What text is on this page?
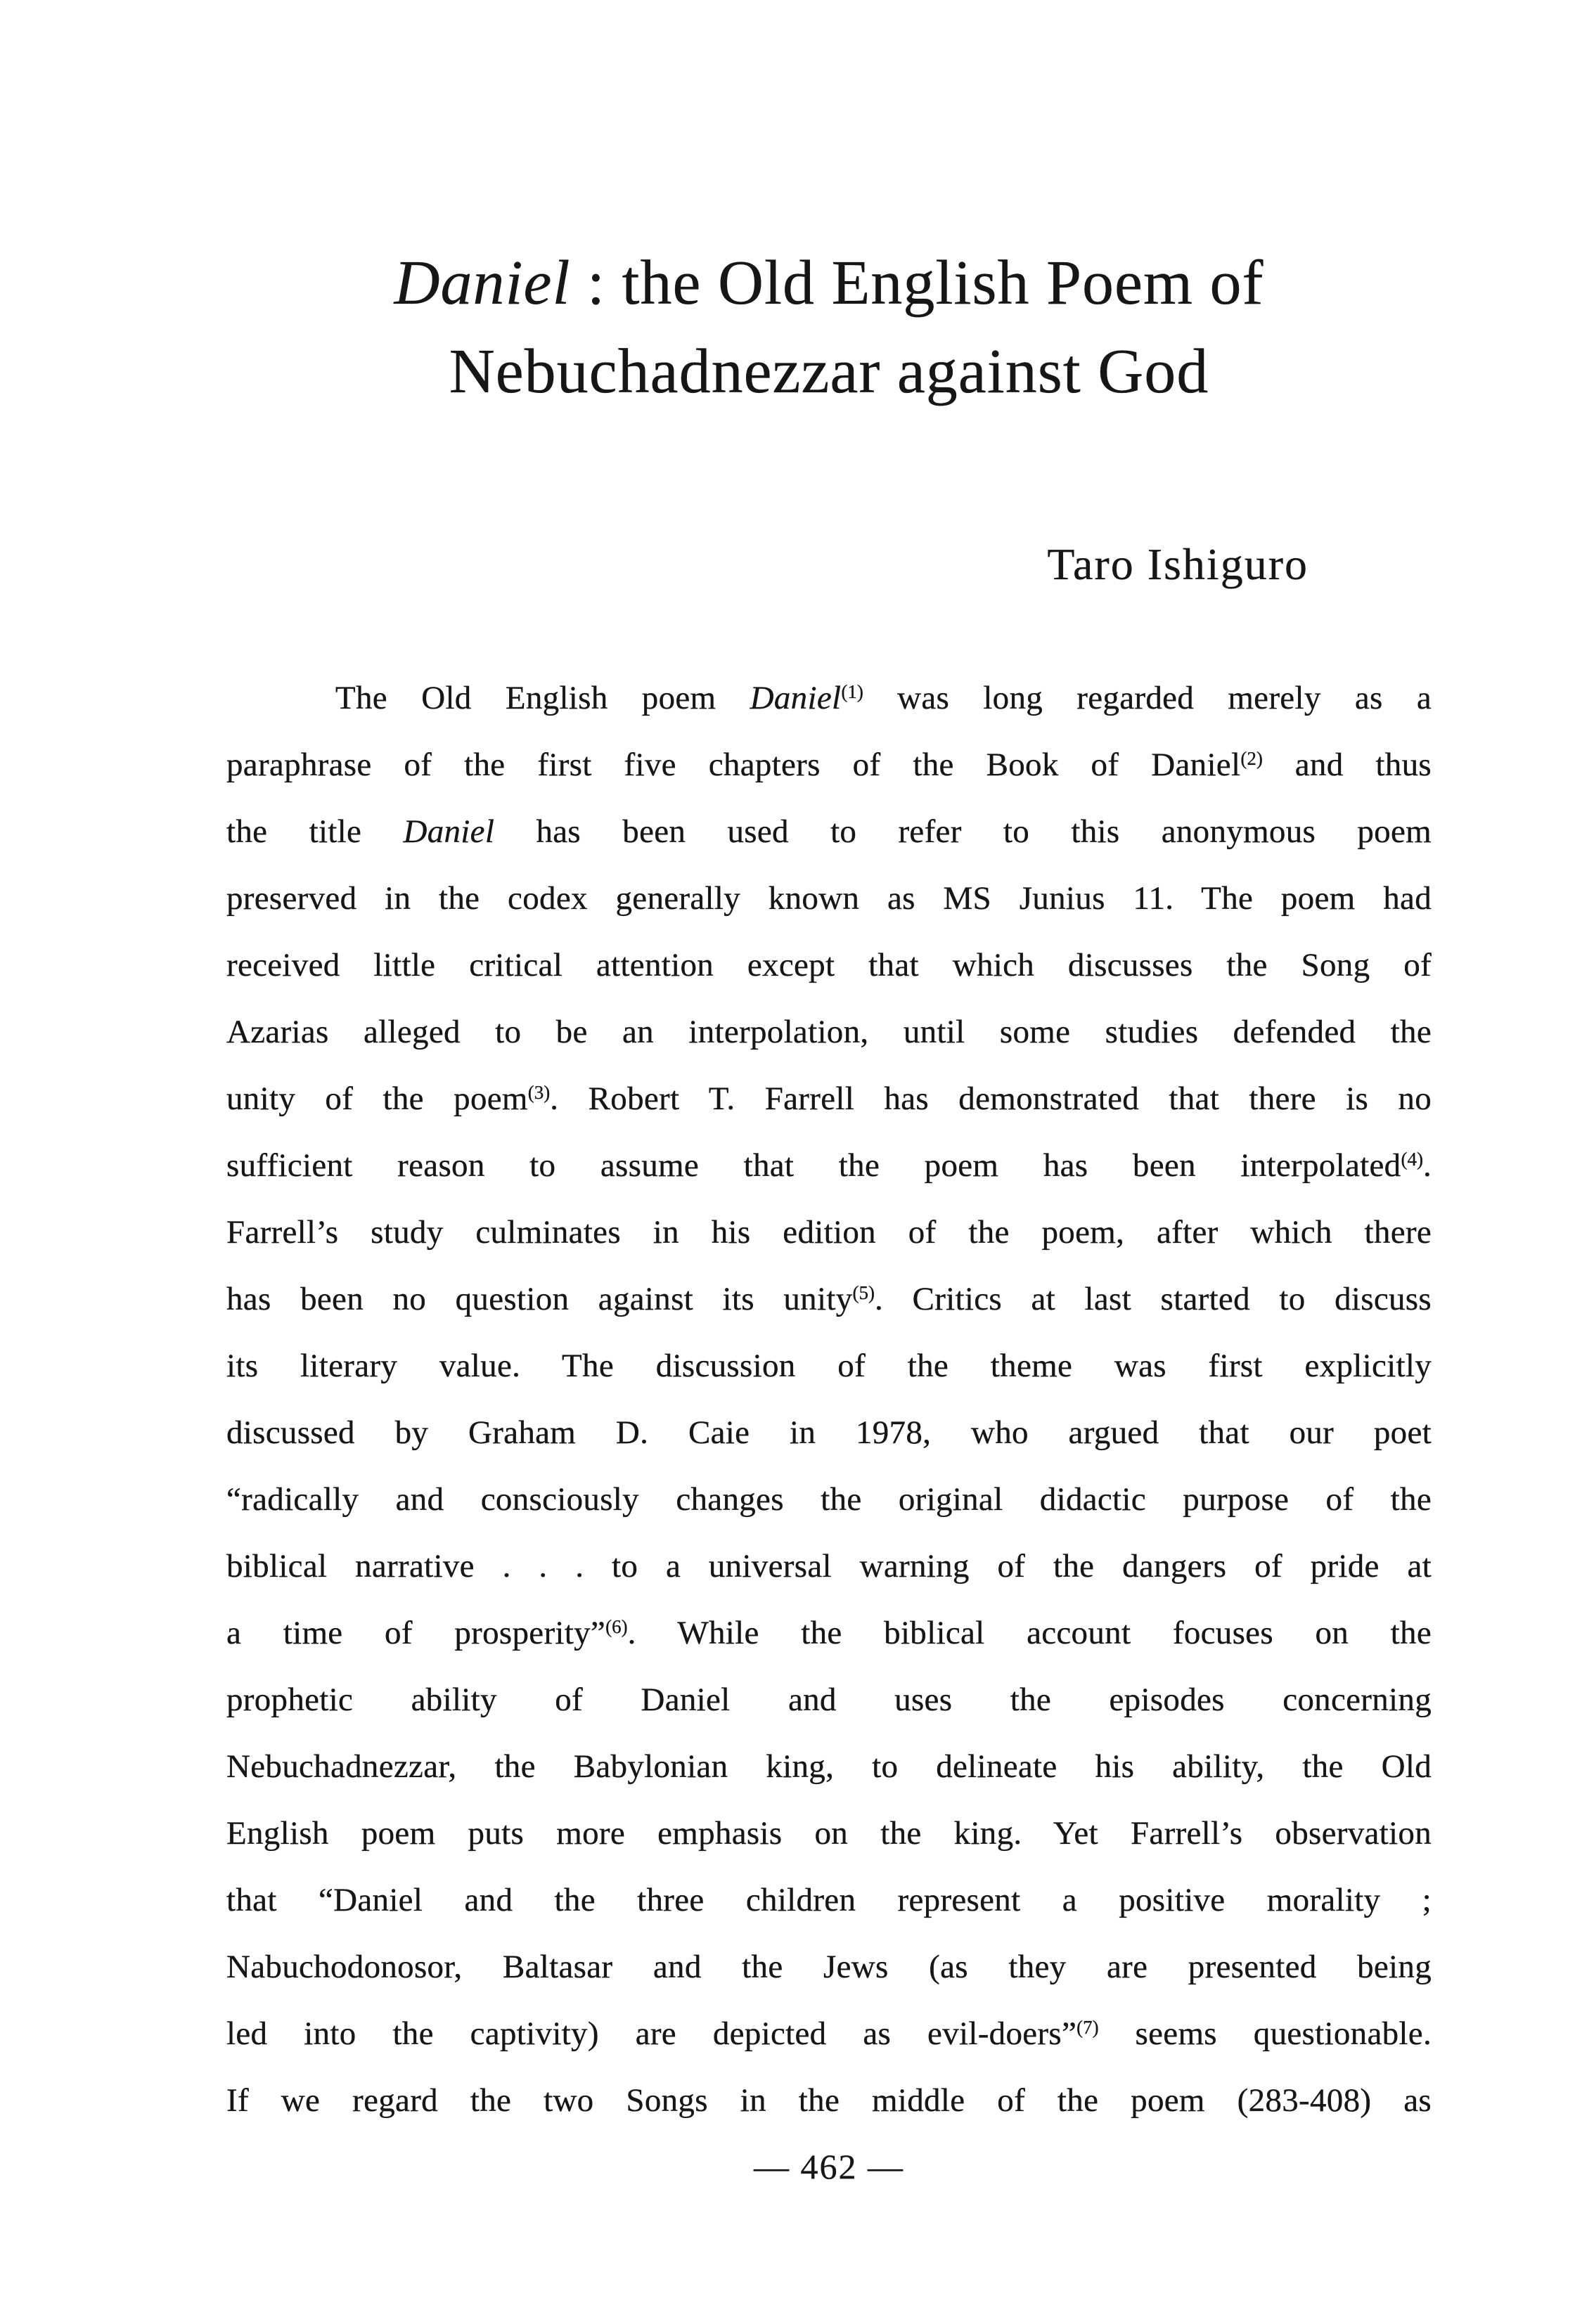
Daniel : the Old English Poem of
Nebuchadnezzar against God
Taro Ishiguro
The Old English poem Daniel$^{(1)}$ was long regarded merely as a
paraphrase of the first five chapters of the Book of Daniel$^{(2)}$ and thus
the title Daniel has been used to refer to this anonymous poem
preserved in the codex generally known as MS Junius 11. The poem had
received little critical attention except that which discusses the Song of
Azarias alleged to be an interpolation, until some studies defended the
unity of the poem$^{(3)}$. Robert T. Farrell has demonstrated that there is no
sufficient reason to assume that the poem has been interpolated$^{(4)}$.
Farrell’s study culminates in his edition of the poem, after which there
has been no question against its unity$^{(5)}$. Critics at last started to discuss
its literary value. The discussion of the theme was first explicitly
discussed by Graham D. Caie in 1978, who argued that our poet
“radically and consciously changes the original didactic purpose of the
biblical narrative . . . to a universal warning of the dangers of pride at
a time of prosperity”$^{(6)}$. While the biblical account focuses on the
prophetic ability of Daniel and uses the episodes concerning
Nebuchadnezzar, the Babylonian king, to delineate his ability, the Old
English poem puts more emphasis on the king. Yet Farrell’s observation
that “Daniel and the three children represent a positive morality ;
Nabuchodonosor, Baltasar and the Jews (as they are presented being
led into the captivity) are depicted as evil-doers”$^{(7)}$ seems questionable.
If we regard the two Songs in the middle of the poem (283-408) as
— 462 —
